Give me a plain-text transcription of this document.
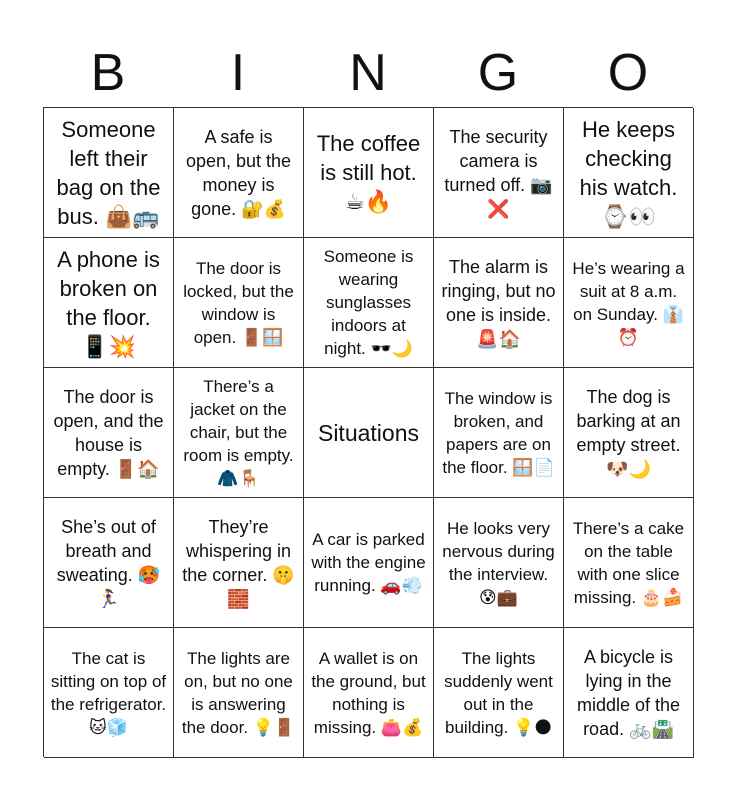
B	I	N	G	O
Someone left their bag on the bus. 👜🚌
A safe is open, but the money is gone. 🔐💰
The coffee is still hot. ☕🔥
The security camera is turned off. 📷❌
He keeps checking his watch. ⌚👀
A phone is broken on the floor. 📱💥
The door is locked, but the window is open. 🚪🪟
Someone is wearing sunglasses indoors at night. 🕶️🌙
The alarm is ringing, but no one is inside. 🚨🏠
He’s wearing a suit at 8 a.m. on Sunday. 👔⏰
The door is open, and the house is empty. 🚪🏠
There’s a jacket on the chair, but the room is empty. 🧥🪑
Situations
The window is broken, and papers are on the floor. 🪟📄
The dog is barking at an empty street. 🐶🌙
She’s out of breath and sweating. 🥵🏃‍♀️
They’re whispering in the corner. 🤫🧱
A car is parked with the engine running. 🚗💨
He looks very nervous during the interview. 😰💼
There’s a cake on the table with one slice missing. 🎂🍰
The cat is sitting on top of the refrigerator. 🐱🧊
The lights are on, but no one is answering the door. 💡🚪
A wallet is on the ground, but nothing is missing. 👛💰
The lights suddenly went out in the building. 💡🌑
A bicycle is lying in the middle of the road. 🚲🛣️
